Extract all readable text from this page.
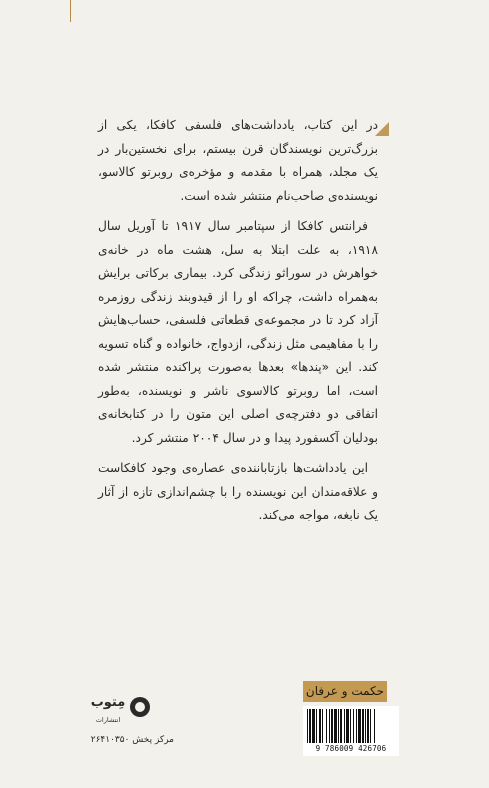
در این کتاب، یادداشت‌های فلسفی کافکا، یکی از بزرگ‌ترین نویسندگان قرن بیستم، برای نخستین‌بار در یک مجلد، همراه با مقدمه و مؤخره‌ی روبرتو کالاسو، نویسنده‌ی صاحب‌نام منتشر شده است.

فرانتس کافکا از سپتامبر سال ۱۹۱۷ تا آوریل سال ۱۹۱۸، به علت ابتلا به سل، هشت ماه در خانه‌ی خواهرش در سوراثو زندگی کرد. بیماری برکاتی برایش به‌همراه داشت، چراکه او را از قیدوبند زندگی روزمره آزاد کرد تا در مجموعه‌ی قطعاتی فلسفی، حساب‌هایش را با مفاهیمی مثل زندگی، ازدواج، خانواده و گناه تسویه کند. این «پندها» بعدها به‌صورت پراکنده منتشر شده است، اما روبرتو کالاسوی ناشر و نویسنده، به‌طور اتفاقی دو دفترچه‌ی اصلی این متون را در کتابخانه‌ی بودلیان آکسفورد پیدا و در سال ۲۰۰۴ منتشر کرد.

این یادداشت‌ها بازتاباننده‌ی عصاره‌ی وجود کافکاست و علاقه‌مندان این نویسنده را با چشم‌اندازی تازه از آثار یک نابغه، مواجه می‌کند.

حکمت و عرفان
9 786009 426706
مِتوب
انتشارات
مرکز پخش ۲۶۴۱۰۳۵۰
